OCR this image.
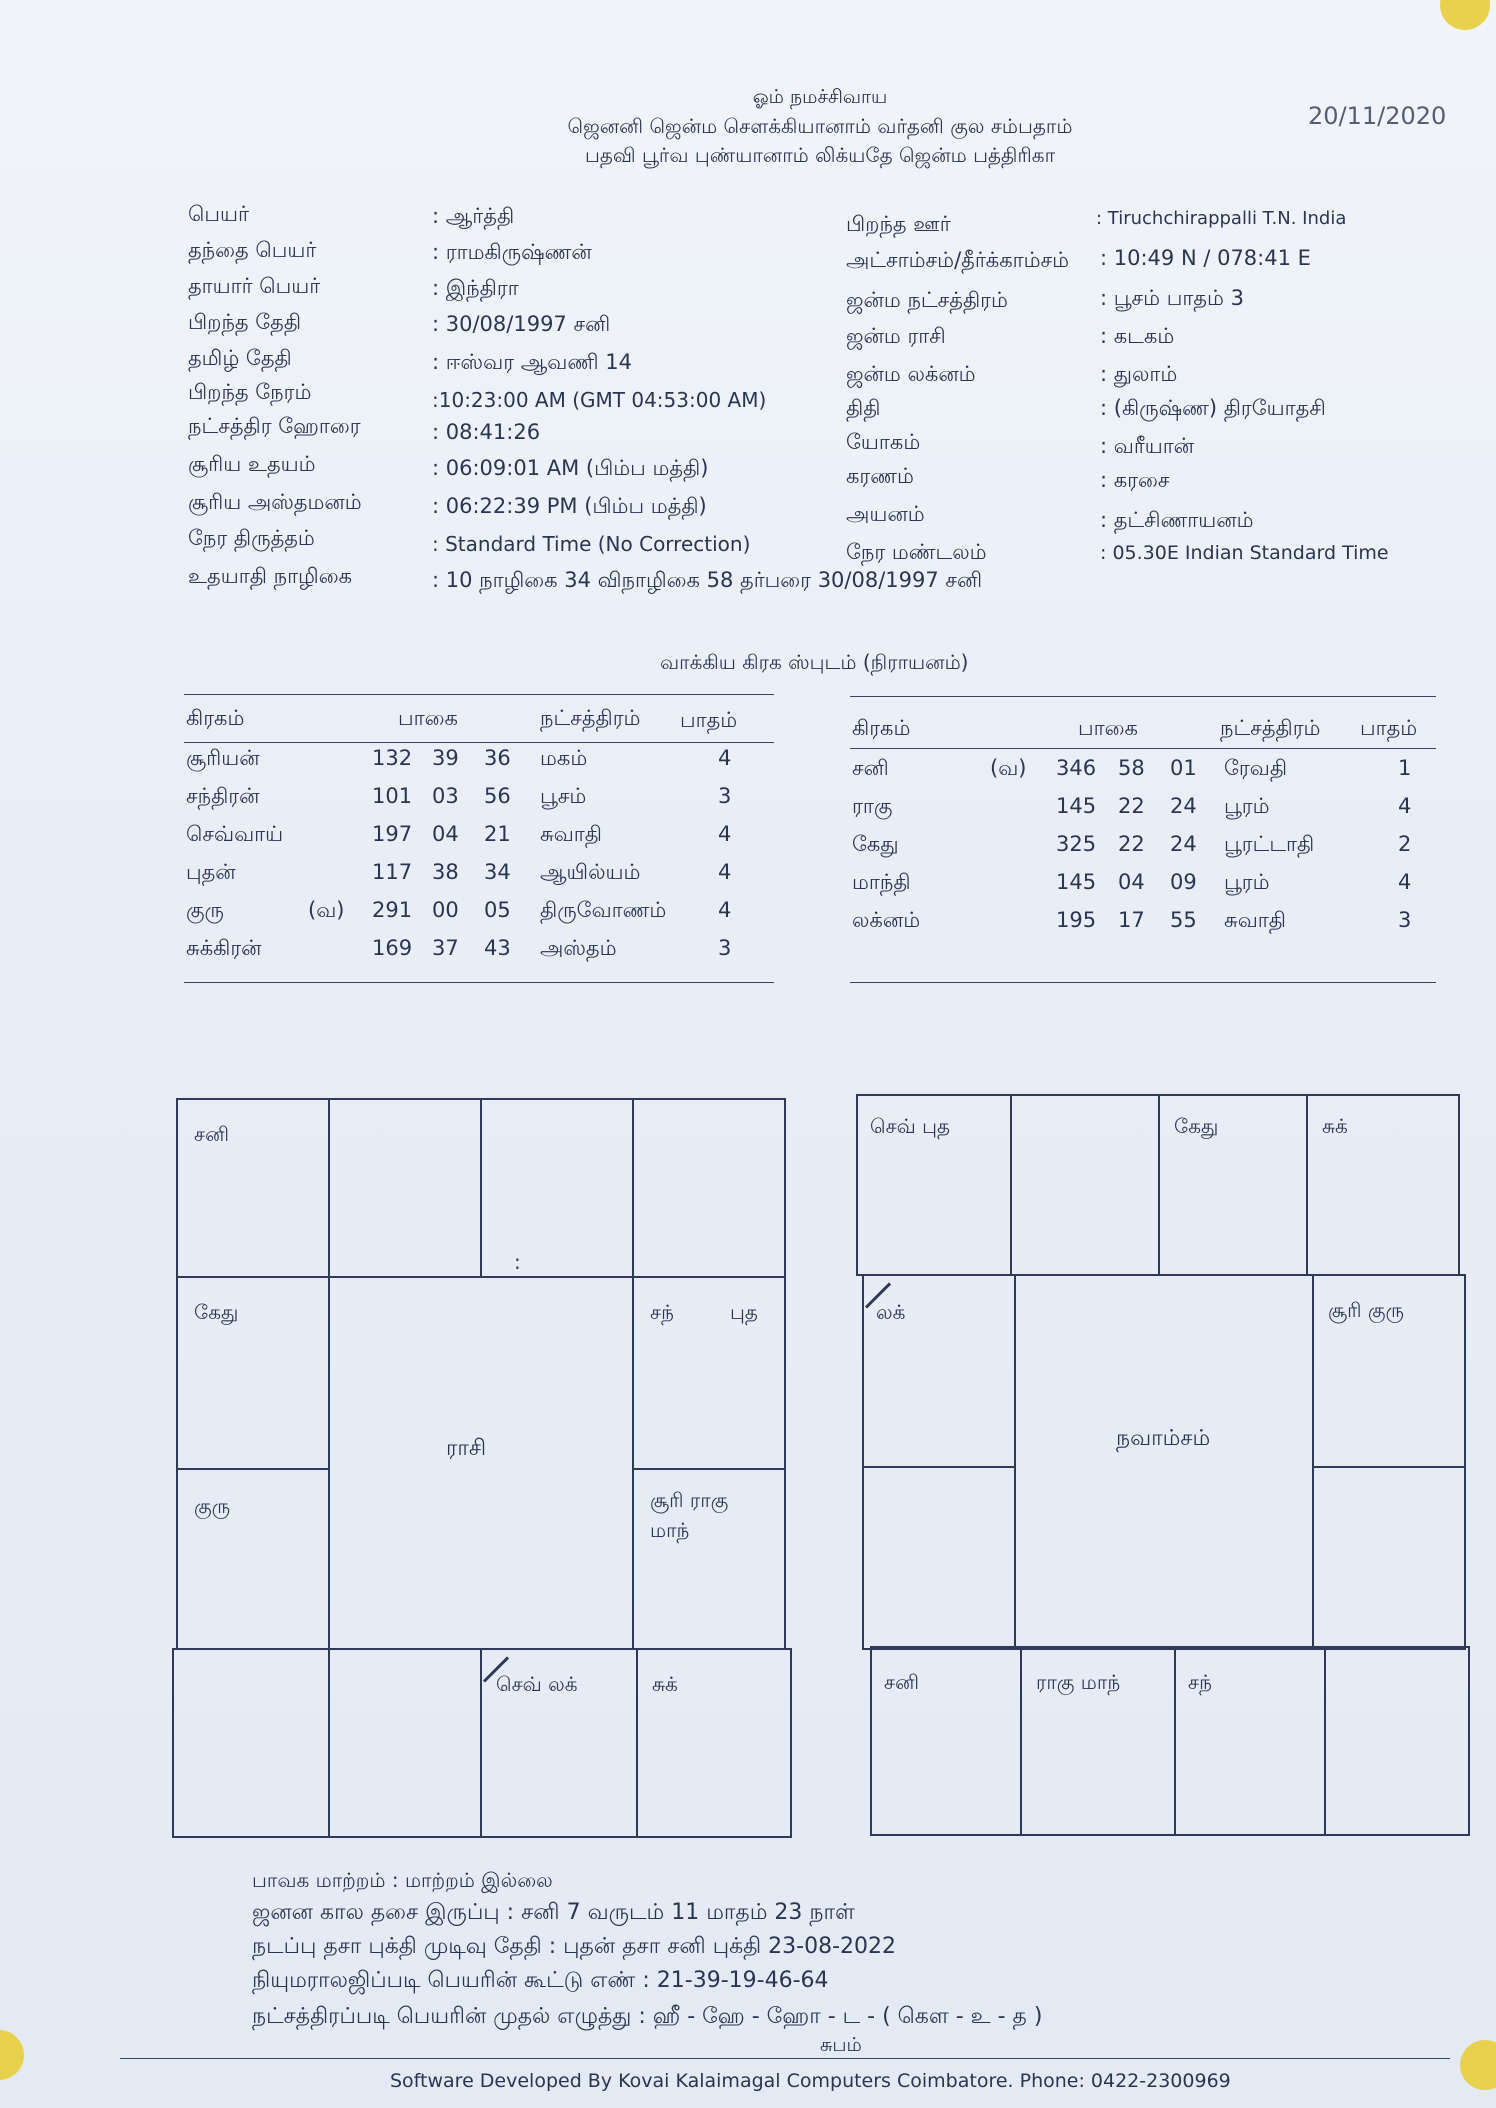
ஓம் நமச்சிவாய
ஜெனனி ஜென்ம சௌக்கியானாம் வர்தனி குல சம்பதாம்
பதவி பூர்வ புண்யானாம் லிக்யதே ஜென்ம பத்திரிகா
20/11/2020
பெயர்	: ஆர்த்தி
தந்தை பெயர்	: ராமகிருஷ்ணன்
தாயார் பெயர்	: இந்திரா
பிறந்த தேதி	: 30/08/1997 சனி
தமிழ் தேதி	: ஈஸ்வர ஆவணி 14
பிறந்த நேரம்	:10:23:00 AM (GMT 04:53:00 AM)
நட்சத்திர ஹோரை	: 08:41:26
சூரிய உதயம்	: 06:09:01 AM (பிம்ப மத்தி)
சூரிய அஸ்தமனம்	: 06:22:39 PM (பிம்ப மத்தி)
நேர திருத்தம்	: Standard Time (No Correction)
உதயாதி நாழிகை	: 10 நாழிகை 34 விநாழிகை 58 தர்பரை 30/08/1997 சனி
பிறந்த ஊர்	: Tiruchchirappalli T.N. India
அட்சாம்சம்/தீர்க்காம்சம் : 10:49 N / 078:41 E
ஜன்ம நட்சத்திரம்	: பூசம் பாதம் 3
ஜன்ம ராசி	: கடகம்
ஜன்ம லக்னம்	: துலாம்
திதி	: (கிருஷ்ண) திரயோதசி
யோகம்	: வரீயான்
கரணம்	: கரசை
அயனம்	: தட்சிணாயனம்
நேர மண்டலம்	: 05.30E Indian Standard Time
வாக்கிய கிரக ஸ்புடம் (நிராயனம்)
கிரகம்	பாகை	நட்சத்திரம் பாதம்
சூரியன்	132 39 36 மகம்	4
சந்திரன்	101 03 56 பூசம்	3
செவ்வாய்	197 04 21 சுவாதி	4
புதன்	117 38 34 ஆயில்யம்	4
குரு	(வ) 291 00 05 திருவோணம் 4
சுக்கிரன்	169 37 43 அஸ்தம்	3
கிரகம்	பாகை	நட்சத்திரம் பாதம்
சனி	(வ) 346 58 01 ரேவதி	1
ராகு	145 22 24 பூரம்	4
கேது	325 22 24 பூரட்டாதி	2
மாந்தி	145 04 09 பூரம்	4
லக்னம்	195 17 55 சுவாதி	3
சனி
:
கேது	சந்	புத
குரு	சூரி ராகு
மாந்
ராசி
செவ் லக்	சுக்
செவ் புத	கேது	சுக்
லக்	சூரி குரு
நவாம்சம்
சனி	ராகு மாந்	சந்
பாவக மாற்றம் : மாற்றம் இல்லை
ஜனன கால தசை இருப்பு : சனி 7 வருடம் 11 மாதம் 23 நாள்
நடப்பு தசா புக்தி முடிவு தேதி : புதன் தசா சனி புக்தி 23-08-2022
நியுமராலஜிப்படி பெயரின் கூட்டு எண் : 21-39-19-46-64
நட்சத்திரப்படி பெயரின் முதல் எழுத்து : ஹீ - ஹே - ஹோ - ட - ( கெள - உ - த )
சுபம்
Software Developed By Kovai Kalaimagal Computers Coimbatore. Phone: 0422-2300969
